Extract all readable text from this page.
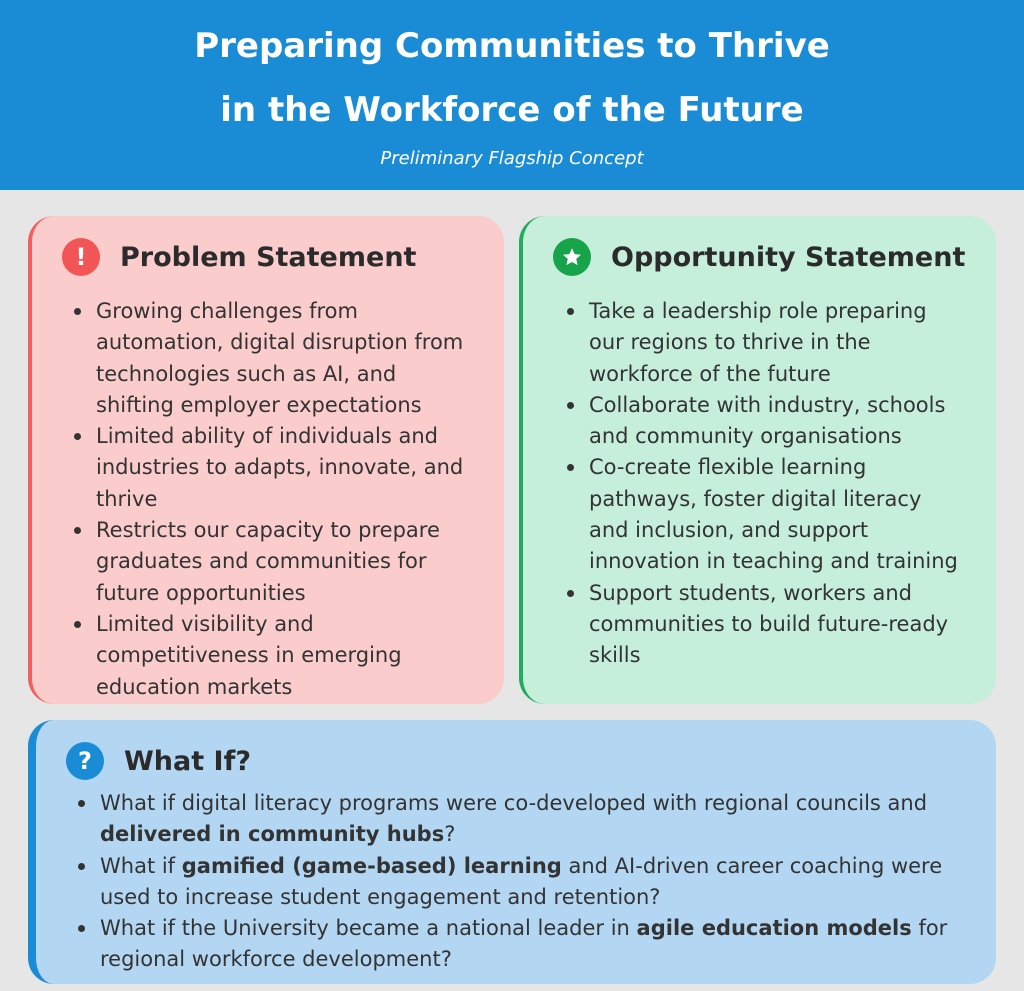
Preparing Communities to Thrive
in the Workforce of the Future
Preliminary Flagship Concept
!	Problem Statement
Growing challenges from automation, digital disruption from technologies such as AI, and shifting employer expectations
Limited ability of individuals and industries to adapts, innovate, and thrive
Restricts our capacity to prepare graduates and communities for future opportunities
Limited visibility and competitiveness in emerging education markets
Opportunity Statement
Take a leadership role preparing our regions to thrive in the workforce of the future
Collaborate with industry, schools and community organisations
Co-create flexible learning pathways, foster digital literacy and inclusion, and support innovation in teaching and training
Support students, workers and communities to build future-ready skills
?	What If?
What if digital literacy programs were co-developed with regional councils and delivered in community hubs?
What if gamified (game-based) learning and AI-driven career coaching were used to increase student engagement and retention?
What if the University became a national leader in agile education models for regional workforce development?
